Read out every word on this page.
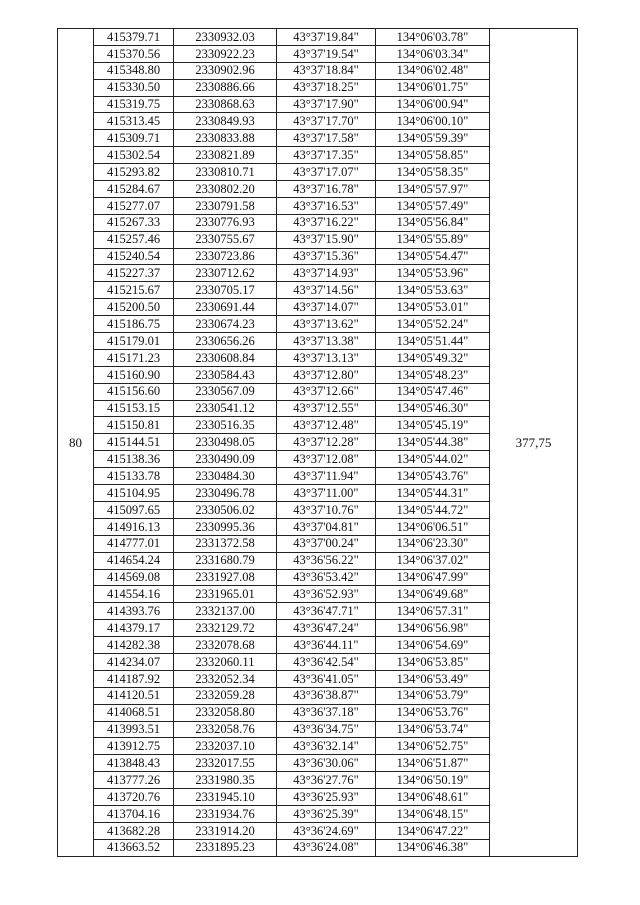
80	415379.71	2330932.03	43°37'19.84"	134°06'03.78"	377,75
	415370.56	2330922.23	43°37'19.54"	134°06'03.34"	
	415348.80	2330902.96	43°37'18.84"	134°06'02.48"	
	415330.50	2330886.66	43°37'18.25"	134°06'01.75"	
	415319.75	2330868.63	43°37'17.90"	134°06'00.94"	
	415313.45	2330849.93	43°37'17.70"	134°06'00.10"	
	415309.71	2330833.88	43°37'17.58"	134°05'59.39"	
	415302.54	2330821.89	43°37'17.35"	134°05'58.85"	
	415293.82	2330810.71	43°37'17.07"	134°05'58.35"	
	415284.67	2330802.20	43°37'16.78"	134°05'57.97"	
	415277.07	2330791.58	43°37'16.53"	134°05'57.49"	
	415267.33	2330776.93	43°37'16.22"	134°05'56.84"	
	415257.46	2330755.67	43°37'15.90"	134°05'55.89"	
	415240.54	2330723.86	43°37'15.36"	134°05'54.47"	
	415227.37	2330712.62	43°37'14.93"	134°05'53.96"	
	415215.67	2330705.17	43°37'14.56"	134°05'53.63"	
	415200.50	2330691.44	43°37'14.07"	134°05'53.01"	
	415186.75	2330674.23	43°37'13.62"	134°05'52.24"	
	415179.01	2330656.26	43°37'13.38"	134°05'51.44"	
	415171.23	2330608.84	43°37'13.13"	134°05'49.32"	
	415160.90	2330584.43	43°37'12.80"	134°05'48.23"	
	415156.60	2330567.09	43°37'12.66"	134°05'47.46"	
	415153.15	2330541.12	43°37'12.55"	134°05'46.30"	
	415150.81	2330516.35	43°37'12.48"	134°05'45.19"	
	415144.51	2330498.05	43°37'12.28"	134°05'44.38"	
	415138.36	2330490.09	43°37'12.08"	134°05'44.02"	
	415133.78	2330484.30	43°37'11.94"	134°05'43.76"	
	415104.95	2330496.78	43°37'11.00"	134°05'44.31"	
	415097.65	2330506.02	43°37'10.76"	134°05'44.72"	
	414916.13	2330995.36	43°37'04.81"	134°06'06.51"	
	414777.01	2331372.58	43°37'00.24"	134°06'23.30"	
	414654.24	2331680.79	43°36'56.22"	134°06'37.02"	
	414569.08	2331927.08	43°36'53.42"	134°06'47.99"	
	414554.16	2331965.01	43°36'52.93"	134°06'49.68"	
	414393.76	2332137.00	43°36'47.71"	134°06'57.31"	
	414379.17	2332129.72	43°36'47.24"	134°06'56.98"	
	414282.38	2332078.68	43°36'44.11"	134°06'54.69"	
	414234.07	2332060.11	43°36'42.54"	134°06'53.85"	
	414187.92	2332052.34	43°36'41.05"	134°06'53.49"	
	414120.51	2332059.28	43°36'38.87"	134°06'53.79"	
	414068.51	2332058.80	43°36'37.18"	134°06'53.76"	
	413993.51	2332058.76	43°36'34.75"	134°06'53.74"	
	413912.75	2332037.10	43°36'32.14"	134°06'52.75"	
	413848.43	2332017.55	43°36'30.06"	134°06'51.87"	
	413777.26	2331980.35	43°36'27.76"	134°06'50.19"	
	413720.76	2331945.10	43°36'25.93"	134°06'48.61"	
	413704.16	2331934.76	43°36'25.39"	134°06'48.15"	
	413682.28	2331914.20	43°36'24.69"	134°06'47.22"	
	413663.52	2331895.23	43°36'24.08"	134°06'46.38"	
